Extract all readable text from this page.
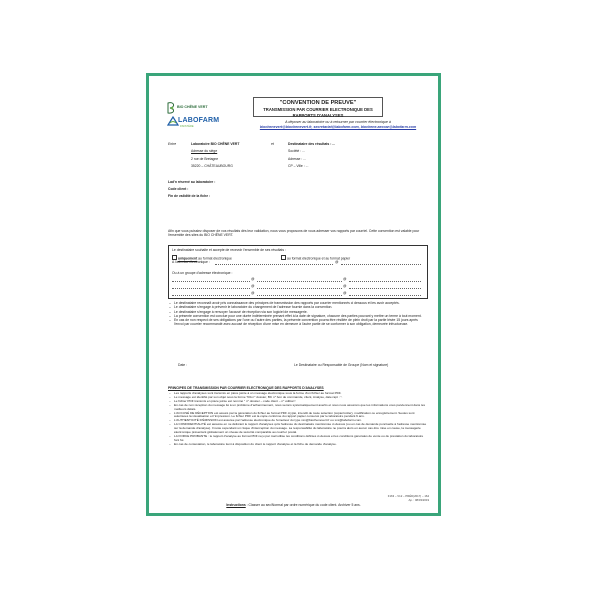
BIO CHÊNE VERT
LABOFARM
FINISTÈRE
"CONVENTION DE PREUVE"
TRANSMISSION PAR COURRIER ELECTRONIQUE DES RAPPORTS D'ANALYSES
A déposer au laboratoire ou à retourner par courrier électronique à
biochenevert@biochenevert.fr, secretariat@labofarm.com, biochene.aecoar@labofarm.com
Entre	Laboratoire BIO CHÊNE VERT
Adresse du siège
2 rue de Bretagne
35220 – CHÂTEAUBOURG
et	Destinataire des résultats : ...
Société : ...
Adresse : ...
CP – Ville : ...
Lad'n réservé au laboratoire :
Code client :
Fin de validité de la fiche :
Afin que vous puissiez disposer de vos résultats dès leur validation, nous vous proposons de vous adresser vos rapports par courriel. Cette convention est valable pour l'ensemble des sites du BIO CHÊNE VERT.
Le destinataire souhaite et accepte de recevoir l'ensemble de ses résultats :
uniquement au format électronique	au format électronique et au format papier
A l'adresse électronique :	@
Ou à un groupe d'adresse électronique :
@	@
@	@
@	@
– Le destinataire reconnaît avoir pris connaissance des principes de transmission des rapports par courrier mentionnés ci dessous et les avoir acceptés.
– Le destinataire s'engage à prévenir le laboratoire du changement de l'adresse fournie dans la convention.
– Le destinataire s'engage à renvoyer l'accusé de réception via son logiciel de messagerie.
– La présente convention est conclue pour une durée indéterminée prenant effet à la date de signature, chacune des parties pouvant y mettre un terme à tout moment.
– En cas de non respect de ses obligations par l'une ou l'autre des parties, la présente convention pourra être résiliée de plein droit par la partie lésée 15 jours après l'envoi par courrier recommandé avec accusé de réception d'une mise en demeure à l'autre partie de se conformer à son obligation, demeurée infructueuse.
Date :	Le Destinataire ou Responsable de Groupe (Nom et signature)
PRINCIPES DE TRANSMISSION PAR COURRIER ELECTRONIQUE DES RAPPORTS D'ANALYSES
– Les rapports d'analyses sont transmis en pièce jointe à un message électronique sous la forme d'un fichier au format PDF.
– Le message est identifié par son objet sous la forme "RA n° dossier, BC n° bon de commande, client, Analyse, date rapt : ".
– Le fichier PDF transmis en pièce jointe est nommé " n° dossier – code client – n° édition".
– En cas de non réception du message lié à un problème d'acheminement, nous serons systématiquement avertis et nous nous assurons que les informations vous parviennent dans les meilleurs délais.
– L'ACCUSÉ DE RÉCEPTION est assuré par la génération du fichier au format PDF crypté, intendit de toute sélection (copier/coller), modification ou enregistrement. Seules sont autorisées la visualisation et l'impression. Le fichier PDF est la copie conforme du rapport papier conservé par le laboratoire pendant 6 ans.
– L'AUTHENTICITÉ D'ÉMISSION est assurée par l'adresse électronique de l'émetteur du type xxx@biochenevert.fr ou xxx@labofarm.com.
– LA CONFIDENTIALITÉ est assurée en ne délivrant le rapport d'analyses qu'à l'adresse du destinataire mentionnée ci-dessus (ou en cas de demande ponctuelle à l'adresse mentionnée sur la demande d'analyse). Il reste cependant un risque d'interception du message. La responsabilité du laboratoire ne pourra alors en aucun cas être mise en cause, la messagerie électronique présentant globalement un niveau de sécurité comparable au courrier postal.
– LA FORCE PROBANTE : le rapport d'analyse au format PDF reçu par mail utilise les conditions définies ci-dessus et les conditions générales de vente ou de prestation du laboratoire font foi.
– En cas de contestation, le laboratoire tient à disposition du client le rapport d'analyse et la fiche de demande d'analyse.
F163 – V12 – PRÉD(2017) – 164
Ap. : 08/03/2019
Instructions : Classer au sec/Normal par ordre numérique du code client. Archiver 5 ans.
